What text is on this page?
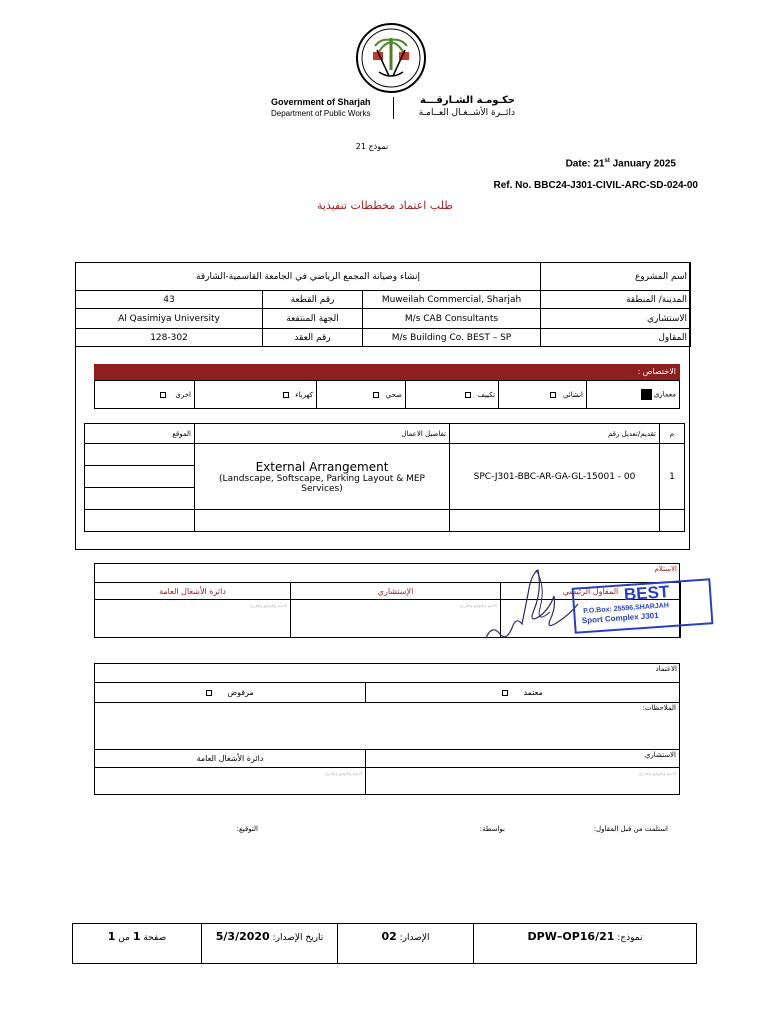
Government of Sharjah
Department of Public Works
حكـومـة الشـارقـــة
دائــرة الأشــغـال العــامـة
نموذج 21
Date: 21st January 2025
Ref. No. BBC24-J301-CIVIL-ARC-SD-024-00
طلب اعتماد مخططات تنفيذية
إنشاء وصيانة المجمع الرياضي في الجامعة القاسمية-الشارقة			اسم المشروع
43	رقم القطعة	Muweilah Commercial, Sharjah	المدينة/ المنطقة
Al Qasimiya University	الجهة المنتفعة	M/s CAB Consultants	الاستشاري
128-302	رقم العقد	M/s Building Co. BEST – SP	المقاول
الاختصاص :
معماري	انشائي	تكييف	صحي	كهرباء	اخرى
الموقع	تفاصيل الاعمال	تقديم/تعديل رقم	م

	External Arrangement
(Landscape, Softscape, Parking Layout & MEP Services)	SPC-J301-BBC-AR-GA-GL-15001 - 00	1

الاستلام
دائرة الأشغال العامة	الإستشاري	المقاول الرئيسي
الاسم والتوقيع والتاريخ	الاسم والتوقيع والتاريخ	
BEST
P.O.Box: 25596,SHARJAH
Sport Complex J301
الاعتماد
معتمد	مرفوض
الملاحظات:	
الاستشاري	دائرة الأشغال العامة
الاسم والتوقيع والتاريخ	الاسم والتوقيع والتاريخ
استلمت من قبل المقاول:
بواسطة:
التوقيع:
نموذج: DPW–OP16/21	الإصدار: 02	تاريخ الإصدار: 5/3/2020	صفحة 1 من 1
